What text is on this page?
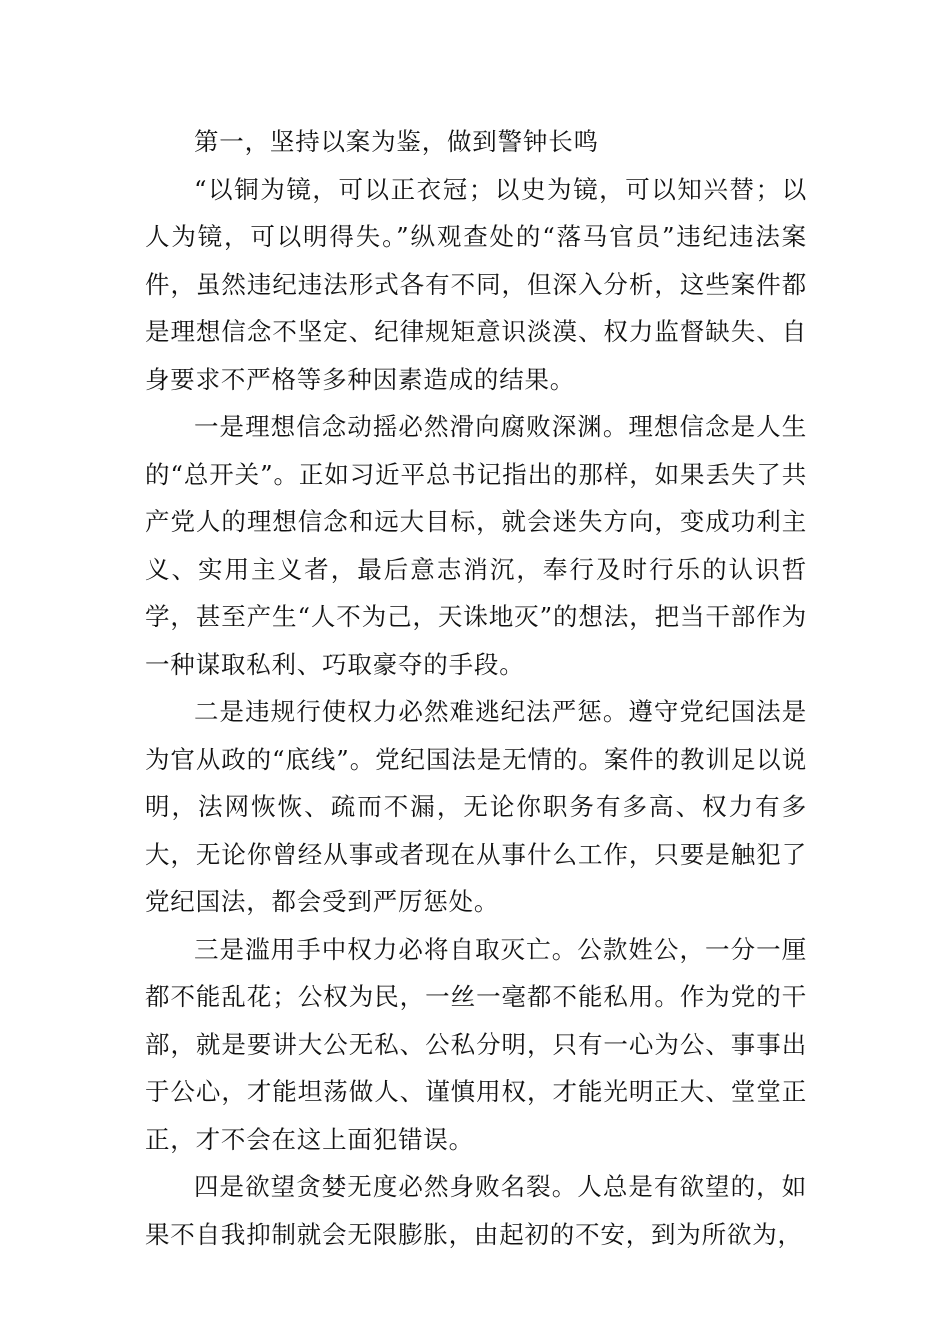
第一，坚持以案为鉴，做到警钟长鸣

“以铜为镜，可以正衣冠；以史为镜，可以知兴替；以人为镜，可以明得失。”纵观查处的“落马官员”违纪违法案件，虽然违纪违法形式各有不同，但深入分析，这些案件都是理想信念不坚定、纪律规矩意识淡漠、权力监督缺失、自身要求不严格等多种因素造成的结果。

一是理想信念动摇必然滑向腐败深渊。理想信念是人生的“总开关”。正如习近平总书记指出的那样，如果丢失了共产党人的理想信念和远大目标，就会迷失方向，变成功利主义、实用主义者，最后意志消沉，奉行及时行乐的认识哲学，甚至产生“人不为己，天诛地灭”的想法，把当干部作为一种谋取私利、巧取豪夺的手段。

二是违规行使权力必然难逃纪法严惩。遵守党纪国法是为官从政的“底线”。党纪国法是无情的。案件的教训足以说明，法网恢恢、疏而不漏，无论你职务有多高、权力有多大，无论你曾经从事或者现在从事什么工作，只要是触犯了党纪国法，都会受到严厉惩处。

三是滥用手中权力必将自取灭亡。公款姓公，一分一厘都不能乱花；公权为民，一丝一毫都不能私用。作为党的干部，就是要讲大公无私、公私分明，只有一心为公、事事出于公心，才能坦荡做人、谨慎用权，才能光明正大、堂堂正正，才不会在这上面犯错误。

四是欲望贪婪无度必然身败名裂。人总是有欲望的，如果不自我抑制就会无限膨胀，由起初的不安，到为所欲为，
